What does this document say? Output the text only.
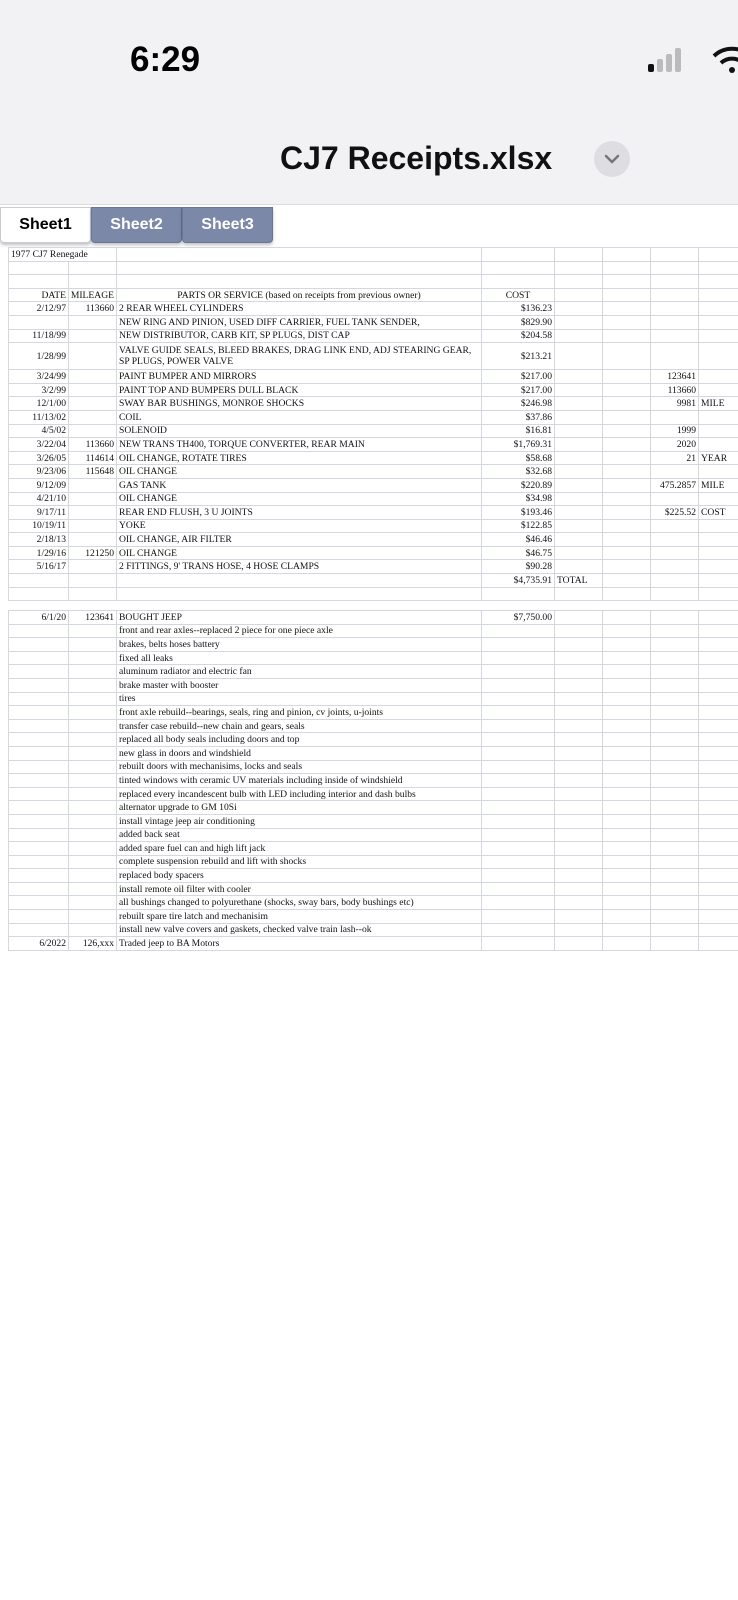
6:29
CJ7 Receipts.xlsx
Sheet1	Sheet2	Sheet3
1977 CJ7 Renegade
DATE MILEAGE	PARTS OR SERVICE (based on receipts from previous owner)	COST
2/12/97	113660 2 REAR WHEEL CYLINDERS	$136.23
NEW RING AND PINION, USED DIFF CARRIER, FUEL TANK SENDER,	$829.90
11/18/99	NEW DISTRIBUTOR, CARB KIT, SP PLUGS, DIST CAP	$204.58
1/28/99	VALVE GUIDE SEALS, BLEED BRAKES, DRAG LINK END, ADJ STEARING GEAR, SP PLUGS, POWER VALVE	$213.21
3/24/99	PAINT BUMPER AND MIRRORS	$217.00	123641
3/2/99	PAINT TOP AND BUMPERS DULL BLACK	$217.00	113660
12/1/00	SWAY BAR BUSHINGS, MONROE SHOCKS	$246.98	9981 MILE
11/13/02	COIL	$37.86
4/5/02	SOLENOID	$16.81	1999
3/22/04	113660 NEW TRANS TH400, TORQUE CONVERTER, REAR MAIN	$1,769.31	2020
3/26/05	114614 OIL CHANGE, ROTATE TIRES	$58.68	21 YEAR
9/23/06	115648 OIL CHANGE	$32.68
9/12/09	GAS TANK	$220.89	475.2857 MILE
4/21/10	OIL CHANGE	$34.98
9/17/11	REAR END FLUSH, 3 U JOINTS	$193.46	$225.52 COST
10/19/11	YOKE	$122.85
2/18/13	OIL CHANGE, AIR FILTER	$46.46
1/29/16	121250 OIL CHANGE	$46.75
5/16/17	2 FITTINGS, 9' TRANS HOSE, 4 HOSE CLAMPS	$90.28
$4,735.91 TOTAL
6/1/20	123641 BOUGHT JEEP	$7,750.00
front and rear axles--replaced 2 piece for one piece axle
brakes, belts hoses battery
fixed all leaks
aluminum radiator and electric fan
brake master with booster
tires
front axle rebuild--bearings, seals, ring and pinion, cv joints, u-joints
transfer case rebuild--new chain and gears, seals
replaced all body seals including doors and top
new glass in doors and windshield
rebuilt doors with mechanisims, locks and seals
tinted windows with ceramic UV materials including inside of windshield
replaced every incandescent bulb with LED including interior and dash bulbs
alternator upgrade to GM 10Si
install vintage jeep air conditioning
added back seat
added spare fuel can and high lift jack
complete suspension rebuild and lift with shocks
replaced body spacers
install remote oil filter with cooler
all bushings changed to polyurethane (shocks, sway bars, body bushings etc)
rebuilt spare tire latch and mechanisim
install new valve covers and gaskets, checked valve train lash--ok
6/2022	126,xxx Traded jeep to BA Motors
